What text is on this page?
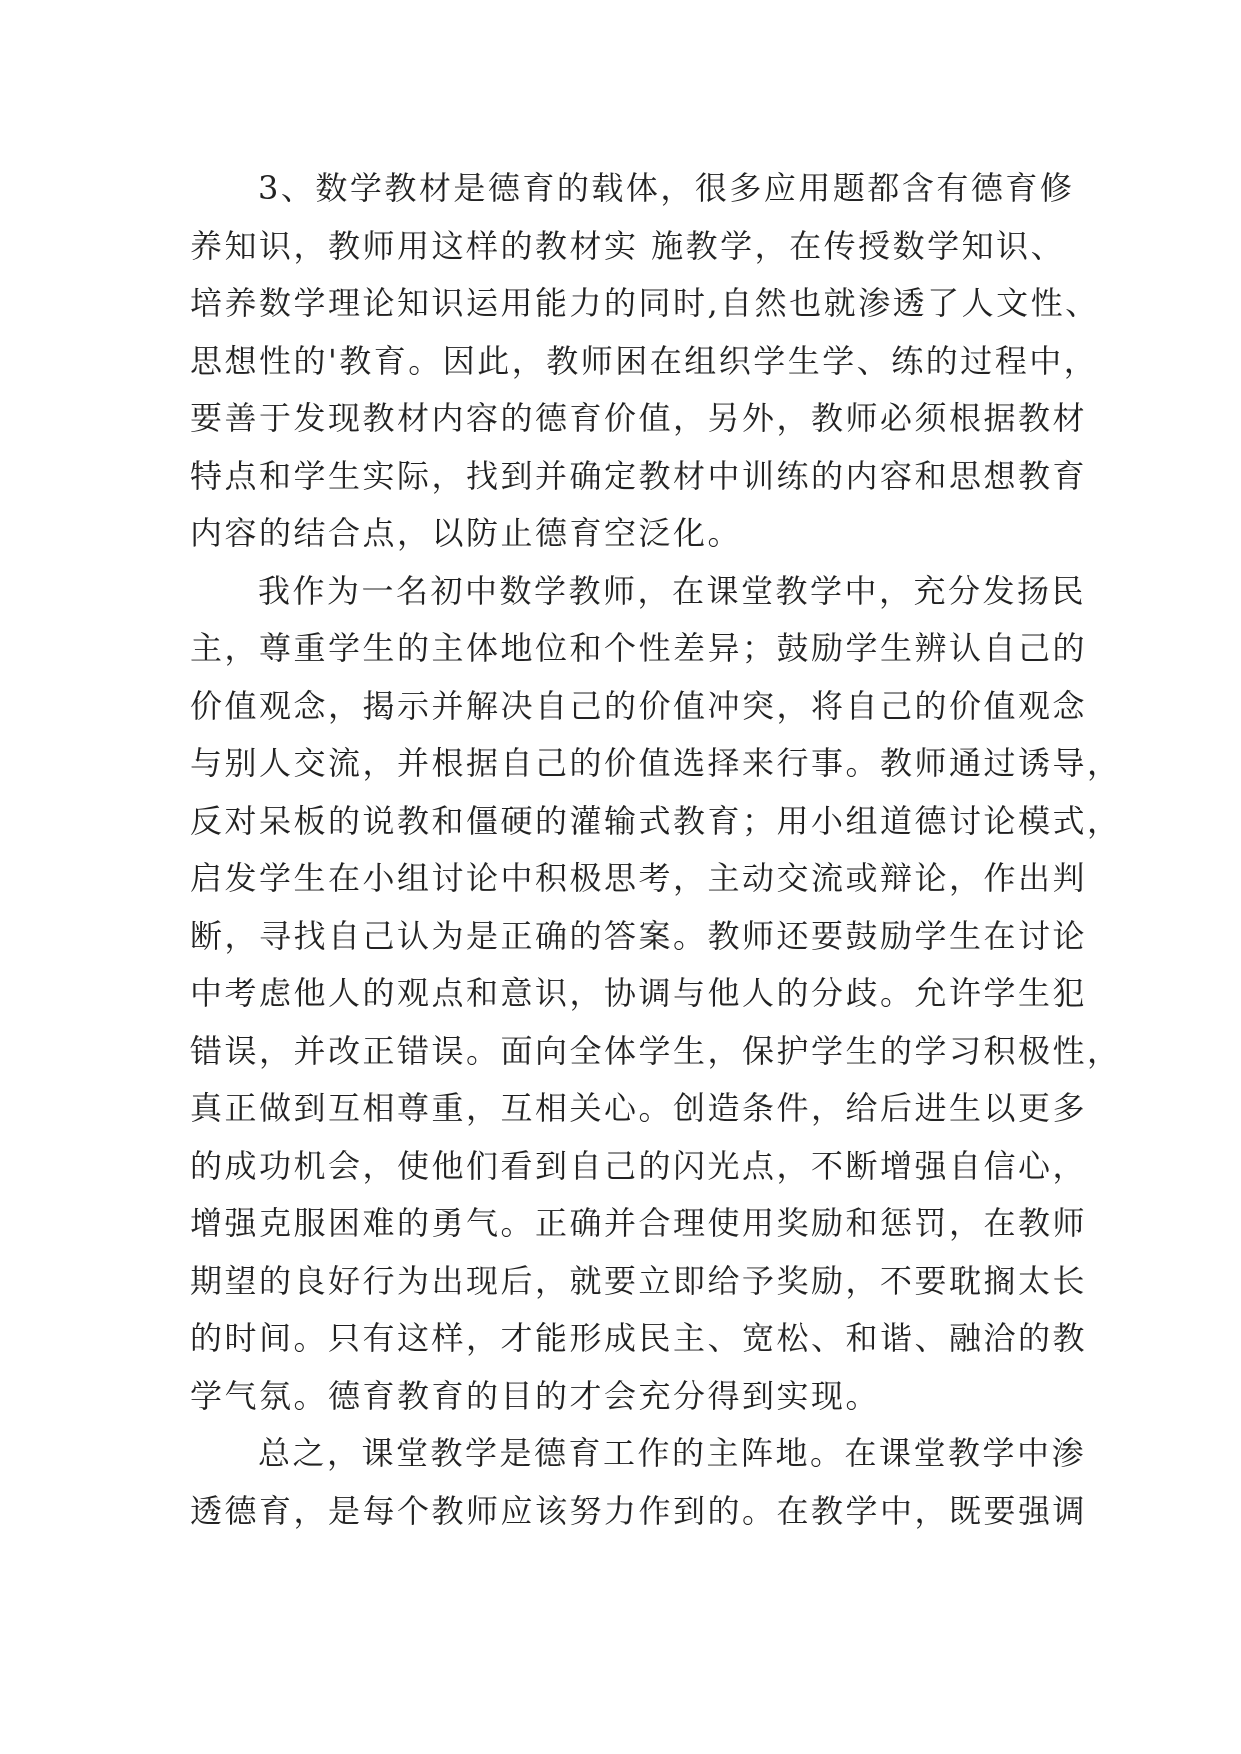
3、数学教材是德育的载体，很多应用题都含有德育修
养知识，教师用这样的教材实 施教学，在传授数学知识、
培养数学理论知识运用能力的同时,自然也就渗透了人文性、
思想性的'教育。因此，教师困在组织学生学、练的过程中，
要善于发现教材内容的德育价值，另外，教师必须根据教材
特点和学生实际，找到并确定教材中训练的内容和思想教育
内容的结合点，以防止德育空泛化。
我作为一名初中数学教师，在课堂教学中，充分发扬民
主，尊重学生的主体地位和个性差异；鼓励学生辨认自己的
价值观念，揭示并解决自己的价值冲突，将自己的价值观念
与别人交流，并根据自己的价值选择来行事。教师通过诱导，
反对呆板的说教和僵硬的灌输式教育；用小组道德讨论模式，
启发学生在小组讨论中积极思考，主动交流或辩论，作出判
断，寻找自己认为是正确的答案。教师还要鼓励学生在讨论
中考虑他人的观点和意识，协调与他人的分歧。允许学生犯
错误，并改正错误。面向全体学生，保护学生的学习积极性，
真正做到互相尊重，互相关心。创造条件，给后进生以更多
的成功机会，使他们看到自己的闪光点，不断增强自信心，
增强克服困难的勇气。正确并合理使用奖励和惩罚，在教师
期望的良好行为出现后，就要立即给予奖励，不要耽搁太长
的时间。只有这样，才能形成民主、宽松、和谐、融洽的教
学气氛。德育教育的目的才会充分得到实现。
总之，课堂教学是德育工作的主阵地。在课堂教学中渗
透德育，是每个教师应该努力作到的。在教学中，既要强调
